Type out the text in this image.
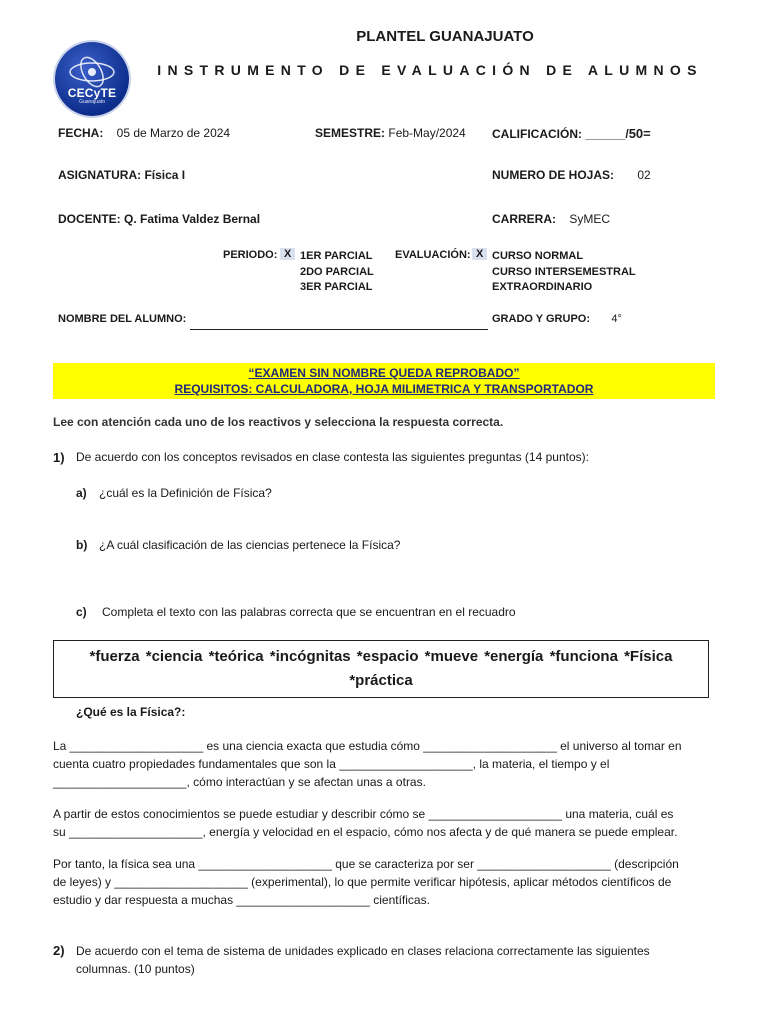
CECyTE
Guanajuato
PLANTEL GUANAJUATO
INSTRUMENTO DE EVALUACIÓN DE ALUMNOS
FECHA: 05 de Marzo de 2024	SEMESTRE: Feb-May/2024 CALIFICACIÓN: ______/50=
ASIGNATURA: Física I	NUMERO DE HOJAS: 02
DOCENTE: Q. Fatima Valdez Bernal	CARRERA: SyMEC
PERIODO: X 1ER PARCIAL
2DO PARCIAL
3ER PARCIAL
EVALUACIÓN: X CURSO NORMAL
CURSO INTERSEMESTRAL
EXTRAORDINARIO
NOMBRE DEL ALUMNO:	GRADO Y GRUPO: 4°
“EXAMEN SIN NOMBRE QUEDA REPROBADO”
REQUISITOS: CALCULADORA, HOJA MILIMETRICA Y TRANSPORTADOR
Lee con atención cada uno de los reactivos y selecciona la respuesta correcta.
1) De acuerdo con los conceptos revisados en clase contesta las siguientes preguntas (14 puntos):
a) ¿cuál es la Definición de Física?
b) ¿A cuál clasificación de las ciencias pertenece la Física?
c) Completa el texto con las palabras correcta que se encuentran en el recuadro
*fuerza *ciencia *teórica *incógnitas *espacio *mueve *energía *funciona *Física
*práctica
¿Qué es la Física?:
La ____________________ es una ciencia exacta que estudia cómo ____________________ el universo al tomar en
cuenta cuatro propiedades fundamentales que son la ____________________, la materia, el tiempo y el
____________________, cómo interactúan y se afectan unas a otras.
A partir de estos conocimientos se puede estudiar y describir cómo se ____________________ una materia, cuál es
su ____________________, energía y velocidad en el espacio, cómo nos afecta y de qué manera se puede emplear.
Por tanto, la física sea una ____________________ que se caracteriza por ser ____________________ (descripción
de leyes) y ____________________ (experimental), lo que permite verificar hipótesis, aplicar métodos científicos de
estudio y dar respuesta a muchas ____________________ científicas.
2) De acuerdo con el tema de sistema de unidades explicado en clases relaciona correctamente las siguientes
columnas. (10 puntos)
